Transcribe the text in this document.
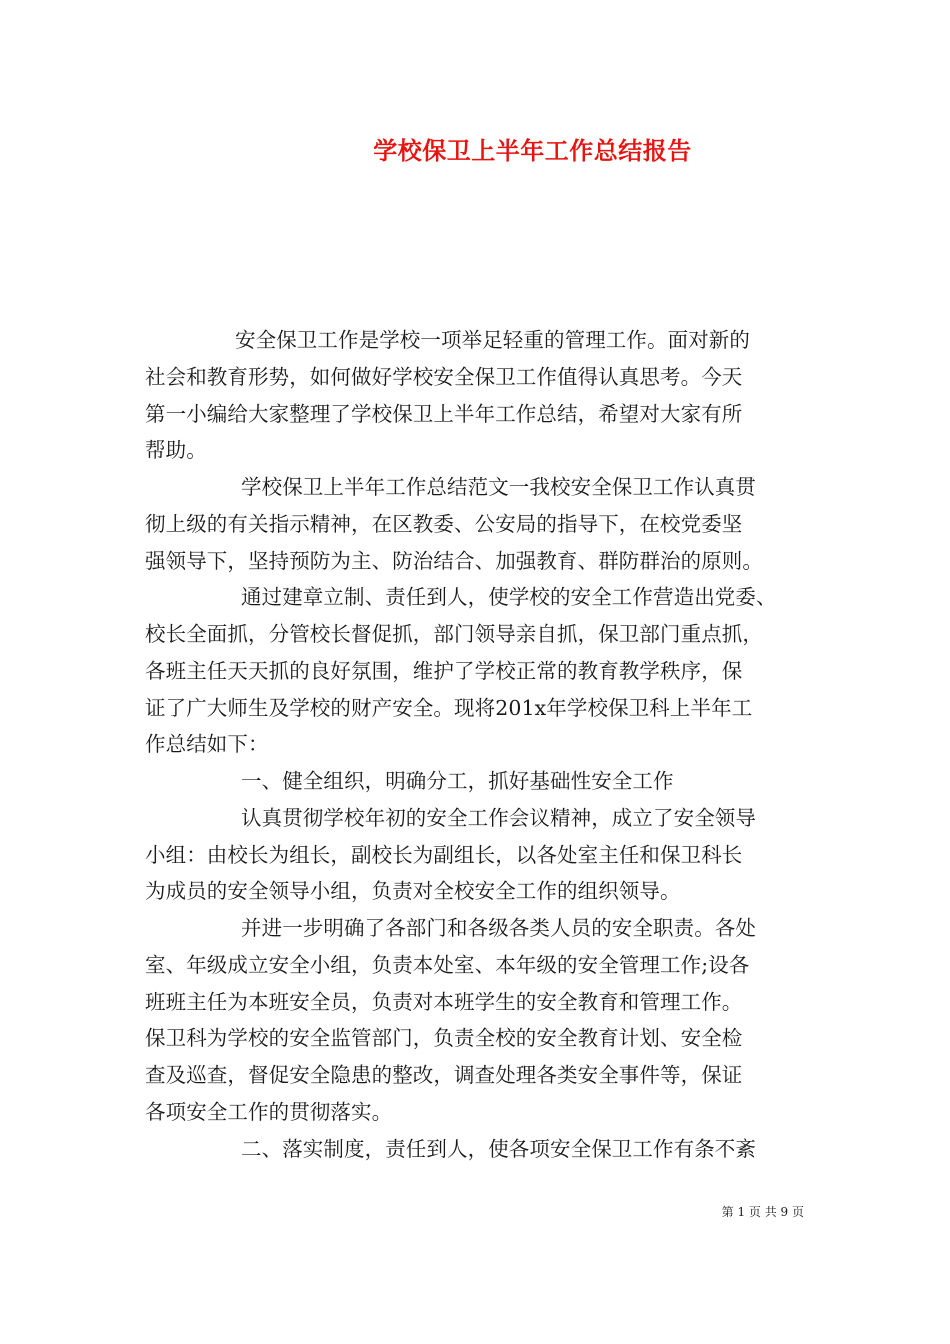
学校保卫上半年工作总结报告
安全保卫工作是学校一项举足轻重的管理工作。面对新的
社会和教育形势，如何做好学校安全保卫工作值得认真思考。今天
第一小编给大家整理了学校保卫上半年工作总结，希望对大家有所
帮助。
学校保卫上半年工作总结范文一我校安全保卫工作认真贯
彻上级的有关指示精神，在区教委、公安局的指导下，在校党委坚
强领导下，坚持预防为主、防治结合、加强教育、群防群治的原则。
通过建章立制、责任到人，使学校的安全工作营造出党委、
校长全面抓，分管校长督促抓，部门领导亲自抓，保卫部门重点抓，
各班主任天天抓的良好氛围，维护了学校正常的教育教学秩序，保
证了广大师生及学校的财产安全。现将201x年学校保卫科上半年工
作总结如下：
一、健全组织，明确分工，抓好基础性安全工作
认真贯彻学校年初的安全工作会议精神，成立了安全领导
小组：由校长为组长，副校长为副组长，以各处室主任和保卫科长
为成员的安全领导小组，负责对全校安全工作的组织领导。
并进一步明确了各部门和各级各类人员的安全职责。各处
室、年级成立安全小组，负责本处室、本年级的安全管理工作;设各
班班主任为本班安全员，负责对本班学生的安全教育和管理工作。
保卫科为学校的安全监管部门，负责全校的安全教育计划、安全检
查及巡查，督促安全隐患的整改，调查处理各类安全事件等，保证
各项安全工作的贯彻落实。
二、落实制度，责任到人，使各项安全保卫工作有条不紊
第 1 页 共 9 页
